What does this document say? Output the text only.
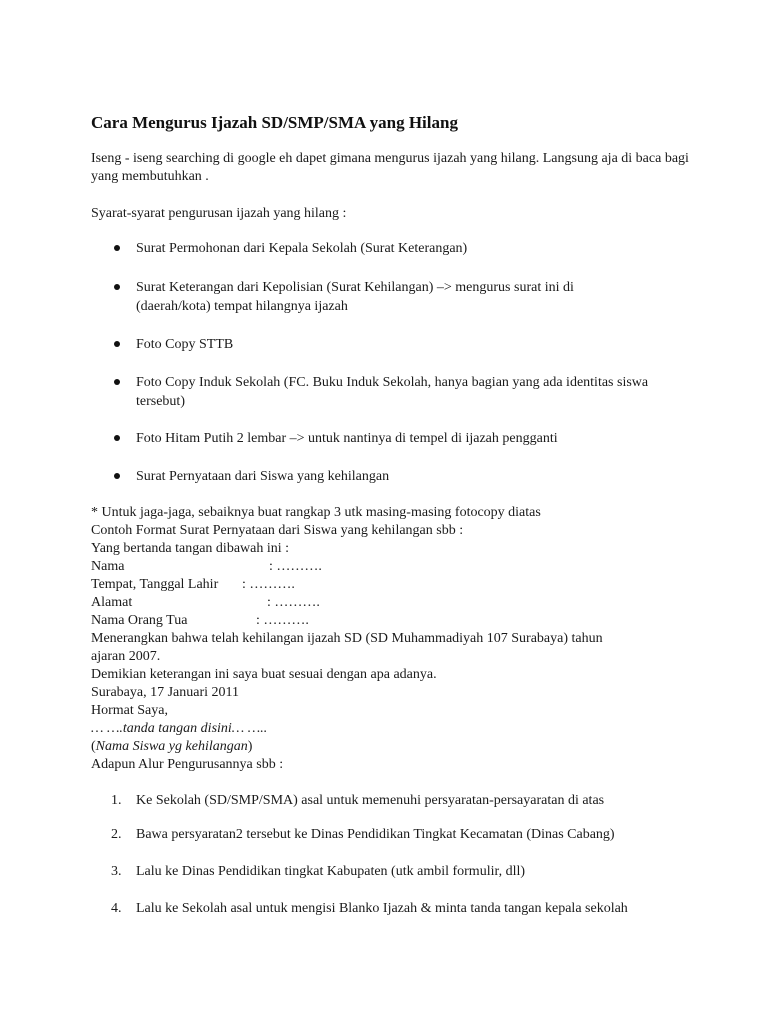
Cara Mengurus Ijazah SD/SMP/SMA yang Hilang
Iseng - iseng searching di google eh dapet gimana mengurus ijazah yang hilang. Langsung aja di baca bagi yang membutuhkan .
Syarat-syarat pengurusan ijazah yang hilang :
Surat Permohonan dari Kepala Sekolah (Surat Keterangan)
Surat Keterangan dari Kepolisian (Surat Kehilangan) –> mengurus surat ini di (daerah/kota) tempat hilangnya ijazah
Foto Copy STTB
Foto Copy Induk Sekolah (FC. Buku Induk Sekolah, hanya bagian yang ada identitas siswa tersebut)
Foto Hitam Putih 2 lembar –> untuk nantinya di tempel di ijazah pengganti
Surat Pernyataan dari Siswa yang kehilangan
* Untuk jaga-jaga, sebaiknya buat rangkap 3 utk masing-masing fotocopy diatas
Contoh Format Surat Pernyataan dari Siswa yang kehilangan sbb :
Yang bertanda tangan dibawah ini :
Nama	: ……….
Tempat, Tanggal Lahir : ……….
Alamat	: ……….
Nama Orang Tua	: ……….
Menerangkan bahwa telah kehilangan ijazah SD (SD Muhammadiyah 107 Surabaya) tahun
ajaran 2007.
Demikian keterangan ini saya buat sesuai dengan apa adanya.
Surabaya, 17 Januari 2011
Hormat Saya,
… ….tanda tangan disini… …..
(Nama Siswa yg kehilangan)
Adapun Alur Pengurusannya sbb :
1. Ke Sekolah (SD/SMP/SMA) asal untuk memenuhi persyaratan-persayaratan di atas
2. Bawa persyaratan2 tersebut ke Dinas Pendidikan Tingkat Kecamatan (Dinas Cabang)
3. Lalu ke Dinas Pendidikan tingkat Kabupaten (utk ambil formulir, dll)
4. Lalu ke Sekolah asal untuk mengisi Blanko Ijazah & minta tanda tangan kepala sekolah
